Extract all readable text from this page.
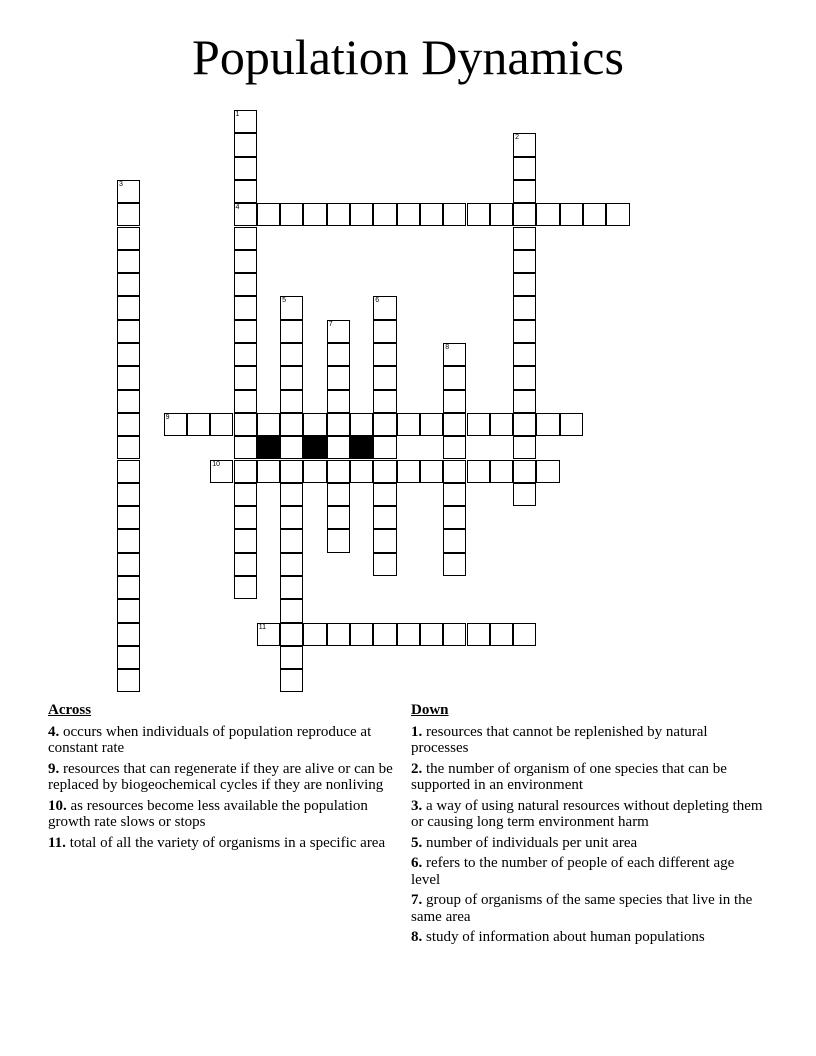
Population Dynamics
1
4
2
3
5	6
7
8
9
10
11
Across
4. occurs when individuals of population reproduce at constant rate
9. resources that can regenerate if they are alive or can be replaced by biogeochemical cycles if they are nonliving
10. as resources become less available the population growth rate slows or stops
11. total of all the variety of organisms in a specific area
Down
1. resources that cannot be replenished by natural processes
2. the number of organism of one species that can be supported in an environment
3. a way of using natural resources without depleting them or causing long term environment harm
5. number of individuals per unit area
6. refers to the number of people of each different age level
7. group of organisms of the same species that live in the same area
8. study of information about human populations
